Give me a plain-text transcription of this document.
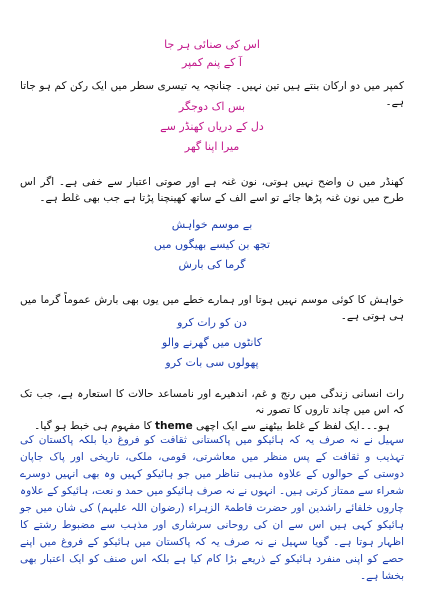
اس کی صنائی ہر جا
آ کے پنم کمپر

کمپر میں دو ارکان بنتے ہیں تین نہیں۔ چنانچہ یہ تیسری سطر میں ایک رکن کم ہو جاتا ہے۔

بس اک دوجگر
دل کے دریاں کھنڈر سے
میرا اپنا گھر

کھنڈر میں ن واضح نہیں ہوتی، نون غنہ ہے اور صوتی اعتبار سے خفی ہے۔ اگر اس طرح میں نون غنہ پڑھا جائے تو اسے الف کے ساتھ کھینچنا پڑتا ہے جب بھی غلط ہے۔

بے موسم خواہش
تجھ بن کیسے بھیگوں میں
گرما کی بارش

خواہش کا کوئی موسم نہیں ہوتا اور ہمارے خطے میں یوں بھی بارش عموماً گرما میں ہی ہوتی ہے۔

دن کو رات کرو
کانٹوں میں گھرنے والو
پھولوں سی بات کرو

رات انسانی زندگی میں رنج و غم، اندھیرے اور نامساعد حالات کا استعارہ ہے، جب تک کہ اس میں چاند تاروں کا تصور نہ

ہو۔۔۔ایک لفظ کے غلط بیٹھنے سے ایک اچھی theme کا مفہوم ہی خبط ہو گیا۔

سہیل نے نہ صرف یہ کہ ہائیکو میں پاکستانی ثقافت کو فروغ دیا بلکہ پاکستان کی تہذیب و ثقافت کے پس منظر میں معاشرتی، قومی، ملکی، تاریخی اور پاک جاپان دوستی کے حوالوں کے علاوہ مذہبی تناظر میں جو ہائیکو کہیں وہ بھی انہیں دوسرے شعراء سے ممتاز کرتی ہیں۔ انہوں نے نہ صرف ہائیکو میں حمد و نعت، ہائیکو کے علاوہ چاروں خلفائے راشدین اور حضرت فاطمۃ الزہراء (رضوان اللہ علیہم) کی شان میں جو ہائیکو کہی ہیں اس سے ان کی روحانی سرشاری اور مذہب سے مضبوط رشتے کا اظہار ہوتا ہے۔ گویا سہیل نے نہ صرف یہ کہ پاکستان میں ہائیکو کے فروغ میں اپنے حصے کو اپنی منفرد ہائیکو کے ذریعے بڑا کام کیا ہے بلکہ اس صنف کو ایک اعتبار بھی بخشا ہے۔
